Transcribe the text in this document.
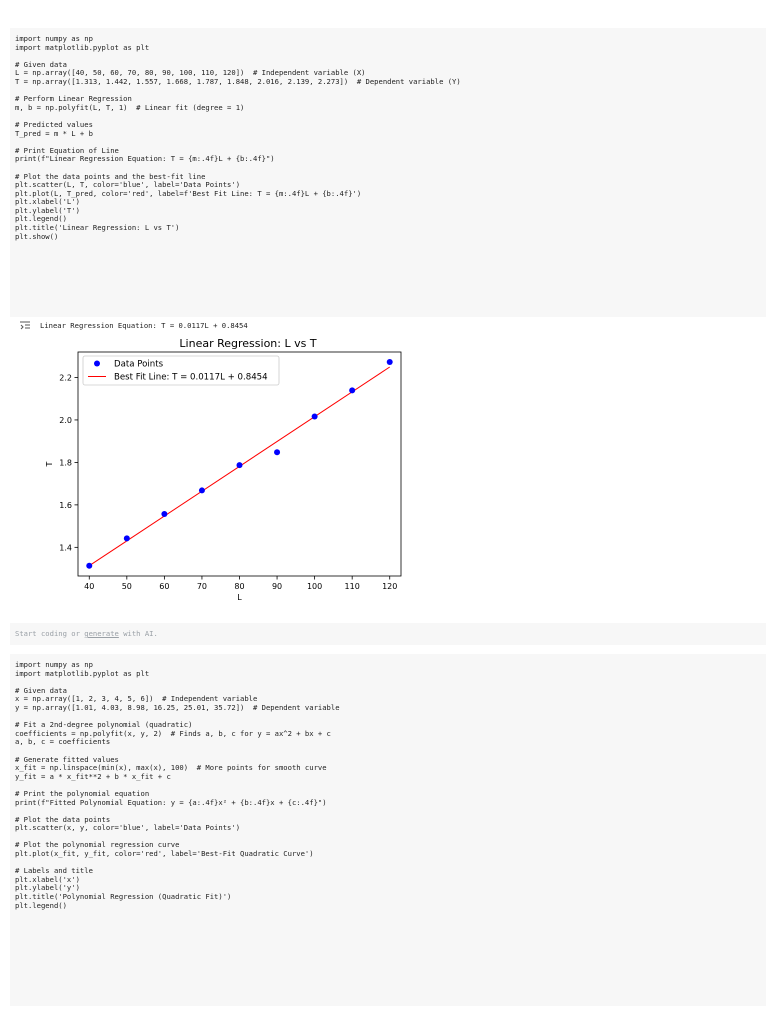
import numpy as np
import matplotlib.pyplot as plt

# Given data
L = np.array([40, 50, 60, 70, 80, 90, 100, 110, 120])  # Independent variable (X)
T = np.array([1.313, 1.442, 1.557, 1.668, 1.787, 1.848, 2.016, 2.139, 2.273])  # Dependent variable (Y)

# Perform Linear Regression
m, b = np.polyfit(L, T, 1)  # Linear fit (degree = 1)

# Predicted values
T_pred = m * L + b

# Print Equation of Line
print(f"Linear Regression Equation: T = {m:.4f}L + {b:.4f}")

# Plot the data points and the best-fit line
plt.scatter(L, T, color='blue', label='Data Points')
plt.plot(L, T_pred, color='red', label=f'Best Fit Line: T = {m:.4f}L + {b:.4f}')
plt.xlabel('L')
plt.ylabel('T')
plt.legend()
plt.title('Linear Regression: L vs T')
plt.show()
Linear Regression Equation: T = 0.0117L + 0.8454
Linear Regression: L vs T
40	50	60	70	80	90	100	110	120
1.4
1.6
1.8
2.0
2.2
L
T
Data Points
Best Fit Line: T = 0.0117L + 0.8454
Start coding or generate with AI.
import numpy as np
import matplotlib.pyplot as plt

# Given data
x = np.array([1, 2, 3, 4, 5, 6])  # Independent variable
y = np.array([1.01, 4.03, 8.98, 16.25, 25.01, 35.72])  # Dependent variable

# Fit a 2nd-degree polynomial (quadratic)
coefficients = np.polyfit(x, y, 2)  # Finds a, b, c for y = ax^2 + bx + c
a, b, c = coefficients

# Generate fitted values
x_fit = np.linspace(min(x), max(x), 100)  # More points for smooth curve
y_fit = a * x_fit**2 + b * x_fit + c

# Print the polynomial equation
print(f"Fitted Polynomial Equation: y = {a:.4f}x² + {b:.4f}x + {c:.4f}")

# Plot the data points
plt.scatter(x, y, color='blue', label='Data Points')

# Plot the polynomial regression curve
plt.plot(x_fit, y_fit, color='red', label='Best-Fit Quadratic Curve')

# Labels and title
plt.xlabel('x')
plt.ylabel('y')
plt.title('Polynomial Regression (Quadratic Fit)')
plt.legend()
